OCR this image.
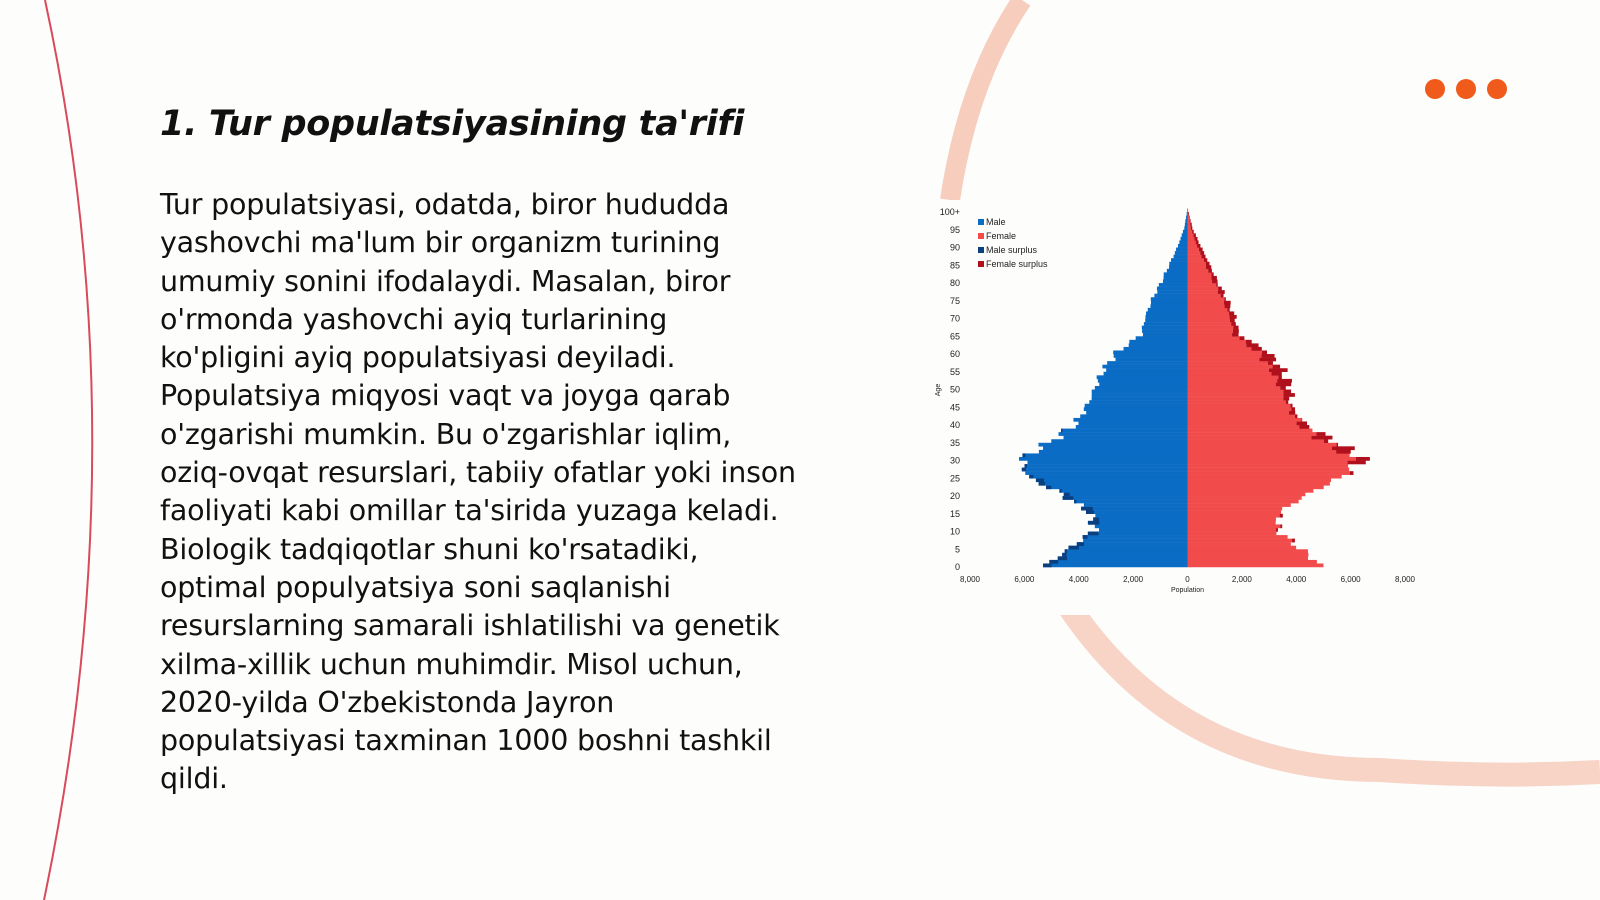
1. Tur populatsiyasining ta'rifi
Tur populatsiyasi, odatda, biror hududda
yashovchi ma'lum bir organizm turining
umumiy sonini ifodalaydi. Masalan, biror
o'rmonda yashovchi ayiq turlarining
ko'pligini ayiq populatsiyasi deyiladi.
Populatsiya miqyosi vaqt va joyga qarab
o'zgarishi mumkin. Bu o'zgarishlar iqlim,
oziq-ovqat resurslari, tabiiy ofatlar yoki inson
faoliyati kabi omillar ta'sirida yuzaga keladi.
Biologik tadqiqotlar shuni ko'rsatadiki,
optimal populyatsiya soni saqlanishi
resurslarning samarali ishlatilishi va genetik
xilma-xillik uchun muhimdir. Misol uchun,
2020-yilda O'zbekistonda Jayron
populatsiyasi taxminan 1000 boshni tashkil
qildi.
0
5
10
15
20
25
30
35
40
45
50
55
60
65
70
75
80
85
90
95
100+
8,000	6,000	4,000	2,000	0	2,000	4,000	6,000	8,000
Population
Age
Male
Female
Male surplus
Female surplus
